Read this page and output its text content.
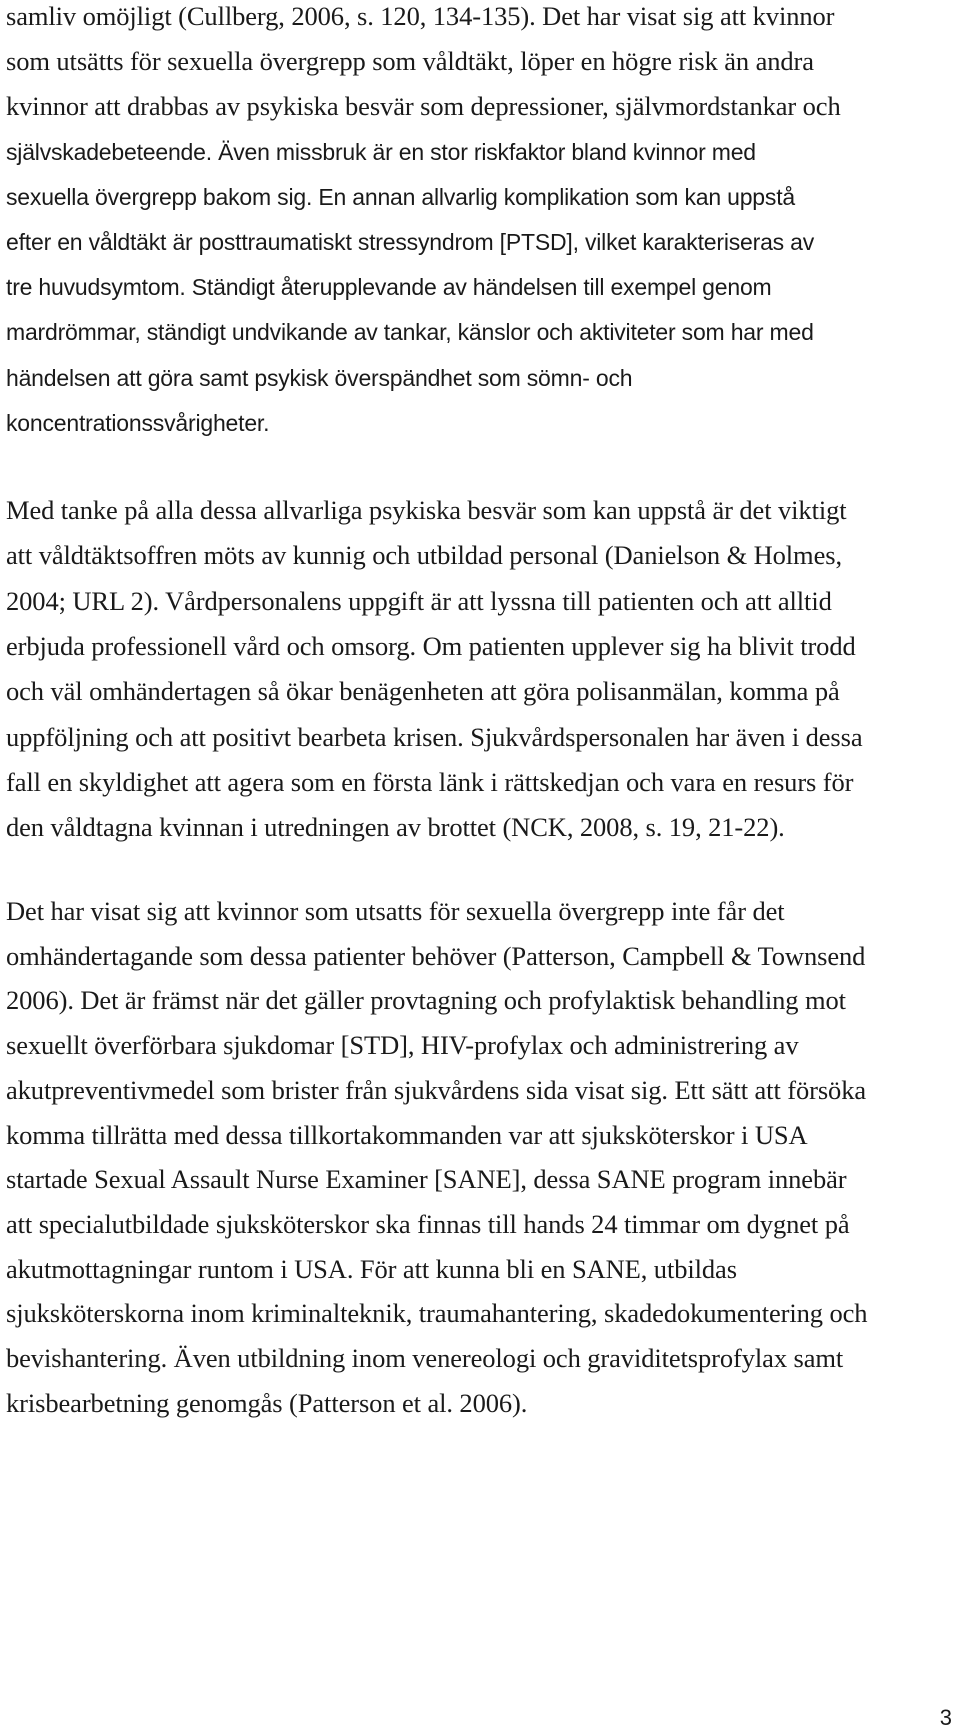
samliv omöjligt (Cullberg, 2006, s. 120, 134-135). Det har visat sig att kvinnor
som utsätts för sexuella övergrepp som våldtäkt, löper en högre risk än andra
kvinnor att drabbas av psykiska besvär som depressioner, självmordstankar och
självskadebeteende. Även missbruk är en stor riskfaktor bland kvinnor med
sexuella övergrepp bakom sig. En annan allvarlig komplikation som kan uppstå
efter en våldtäkt är posttraumatiskt stressyndrom [PTSD], vilket karakteriseras av
tre huvudsymtom. Ständigt återupplevande av händelsen till exempel genom
mardrömmar, ständigt undvikande av tankar, känslor och aktiviteter som har med
händelsen att göra samt psykisk överspändhet som sömn- och
koncentrationssvårigheter.
Med tanke på alla dessa allvarliga psykiska besvär som kan uppstå är det viktigt
att våldtäktsoffren möts av kunnig och utbildad personal (Danielson & Holmes,
2004; URL 2). Vårdpersonalens uppgift är att lyssna till patienten och att alltid
erbjuda professionell vård och omsorg. Om patienten upplever sig ha blivit trodd
och väl omhändertagen så ökar benägenheten att göra polisanmälan, komma på
uppföljning och att positivt bearbeta krisen. Sjukvårdspersonalen har även i dessa
fall en skyldighet att agera som en första länk i rättskedjan och vara en resurs för
den våldtagna kvinnan i utredningen av brottet (NCK, 2008, s. 19, 21-22).
Det har visat sig att kvinnor som utsatts för sexuella övergrepp inte får det
omhändertagande som dessa patienter behöver (Patterson, Campbell & Townsend
2006). Det är främst när det gäller provtagning och profylaktisk behandling mot
sexuellt överförbara sjukdomar [STD], HIV-profylax och administrering av
akutpreventivmedel som brister från sjukvårdens sida visat sig. Ett sätt att försöka
komma tillrätta med dessa tillkortakommanden var att sjuksköterskor i USA
startade Sexual Assault Nurse Examiner [SANE], dessa SANE program innebär
att specialutbildade sjuksköterskor ska finnas till hands 24 timmar om dygnet på
akutmottagningar runtom i USA. För att kunna bli en SANE, utbildas
sjuksköterskorna inom kriminalteknik, traumahantering, skadedokumentering och
bevishantering. Även utbildning inom venereologi och graviditetsprofylax samt
krisbearbetning genomgås (Patterson et al. 2006).
3
